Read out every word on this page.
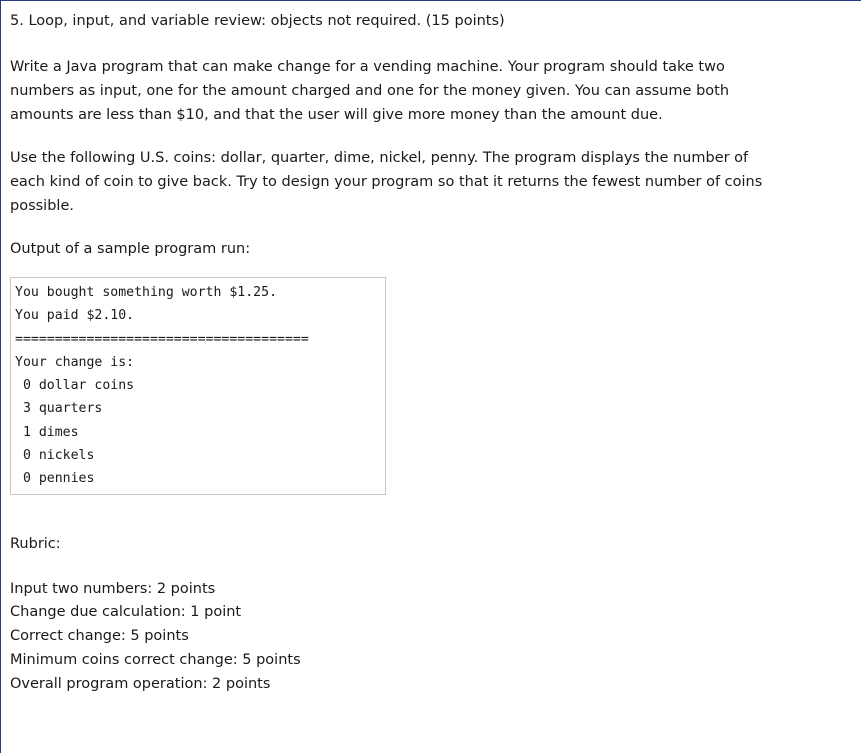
5. Loop, input, and variable review: objects not required. (15 points)

Write a Java program that can make change for a vending machine. Your program should take two

numbers as input, one for the amount charged and one for the money given. You can assume both

amounts are less than $10, and that the user will give more money than the amount due.

Use the following U.S. coins: dollar, quarter, dime, nickel, penny. The program displays the number of

each kind of coin to give back. Try to design your program so that it returns the fewest number of coins

possible.

Output of a sample program run:

You bought something worth $1.25.

You paid $2.10.

=====================================

Your change is:

0 dollar coins

3 quarters

1 dimes

0 nickels

0 pennies

Rubric:

Input two numbers: 2 points

Change due calculation: 1 point

Correct change: 5 points

Minimum coins correct change: 5 points

Overall program operation: 2 points
